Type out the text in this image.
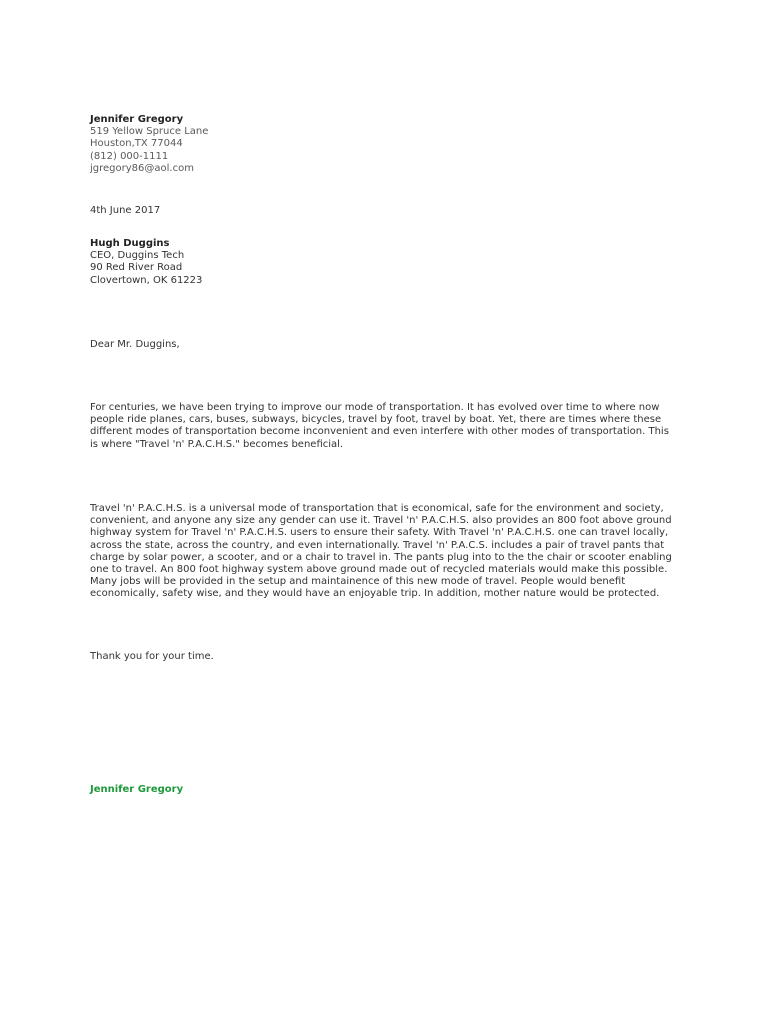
Jennifer Gregory
519 Yellow Spruce Lane
Houston,TX 77044
(812) 000-1111
jgregory86@aol.com
4th June 2017
Hugh Duggins
CEO, Duggins Tech
90 Red River Road
Clovertown, OK 61223
Dear Mr. Duggins,
For centuries, we have been trying to improve our mode of transportation. It has evolved over time to where now
people ride planes, cars, buses, subways, bicycles, travel by foot, travel by boat. Yet, there are times where these
different modes of transportation become inconvenient and even interfere with other modes of transportation. This
is where "Travel 'n' P.A.C.H.S." becomes beneficial.
Travel 'n' P.A.C.H.S. is a universal mode of transportation that is economical, safe for the environment and society,
convenient, and anyone any size any gender can use it. Travel 'n' P.A.C.H.S. also provides an 800 foot above ground
highway system for Travel 'n' P.A.C.H.S. users to ensure their safety. With Travel 'n' P.A.C.H.S. one can travel locally,
across the state, across the country, and even internationally. Travel 'n' P.A.C.S. includes a pair of travel pants that
charge by solar power, a scooter, and or a chair to travel in. The pants plug into to the the chair or scooter enabling
one to travel. An 800 foot highway system above ground made out of recycled materials would make this possible.
Many jobs will be provided in the setup and maintainence of this new mode of travel. People would benefit
economically, safety wise, and they would have an enjoyable trip. In addition, mother nature would be protected.
Thank you for your time.
Jennifer Gregory
